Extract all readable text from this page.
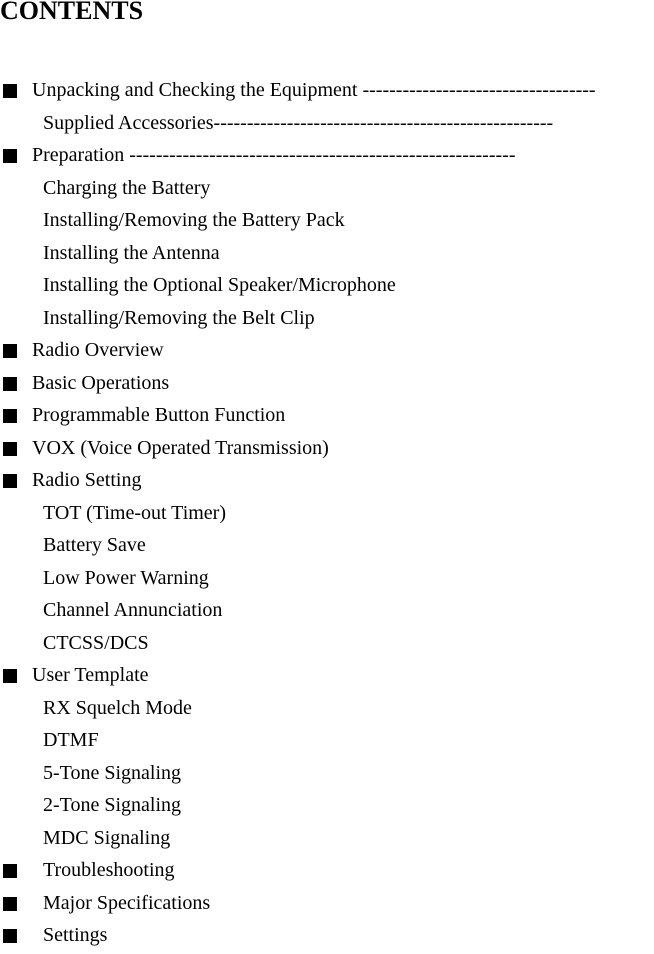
CONTENTS
Unpacking and Checking the Equipment -----------------------------------
Supplied Accessories---------------------------------------------------
Preparation ----------------------------------------------------------
Charging the Battery
Installing/Removing the Battery Pack
Installing the Antenna
Installing the Optional Speaker/Microphone
Installing/Removing the Belt Clip
Radio Overview
Basic Operations
Programmable Button Function
VOX (Voice Operated Transmission)
Radio Setting
TOT (Time-out Timer)
Battery Save
Low Power Warning
Channel Annunciation
CTCSS/DCS
User Template
RX Squelch Mode
DTMF
5-Tone Signaling
2-Tone Signaling
MDC Signaling
Troubleshooting
Major Specifications
Settings
